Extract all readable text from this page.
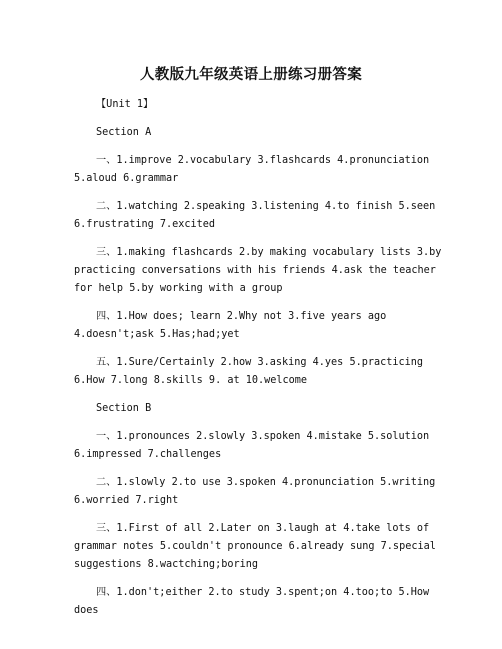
人教版九年级英语上册练习册答案
【Unit 1】
Section A
一、1.improve 2.vocabulary 3.flashcards 4.pronunciation
5.aloud 6.grammar
二、1.watching 2.speaking 3.listening 4.to finish 5.seen
6.frustrating 7.excited
三、1.making flashcards 2.by making vocabulary lists 3.by
practicing conversations with his friends 4.ask the teacher
for help 5.by working with a group
四、1.How does; learn 2.Why not 3.five years ago
4.doesn't;ask 5.Has;had;yet
五、1.Sure/Certainly 2.how 3.asking 4.yes 5.practicing
6.How 7.long 8.skills 9. at 10.welcome
Section B
一、1.pronounces 2.slowly 3.spoken 4.mistake 5.solution
6.impressed 7.challenges
二、1.slowly 2.to use 3.spoken 4.pronunciation 5.writing
6.worried 7.right
三、1.First of all 2.Later on 3.laugh at 4.take lots of
grammar notes 5.couldn't pronounce 6.already sung 7.special
suggestions 8.wactching;boring
四、1.don't;either 2.to study 3.spent;on 4.too;to 5.How
does
